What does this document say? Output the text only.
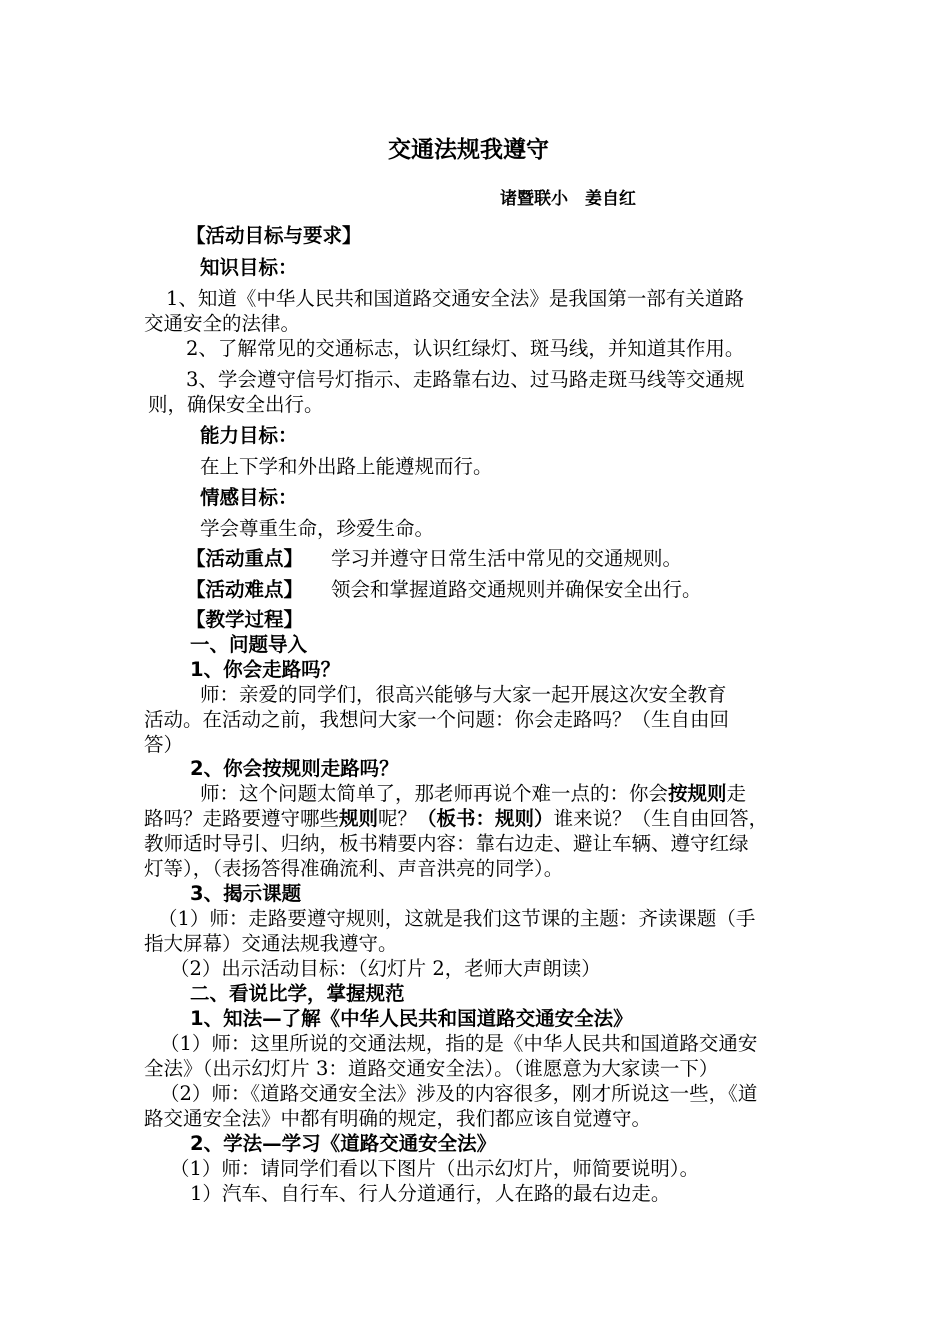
交通法规我遵守
诸暨联小　姜自红
【活动目标与要求】
知识目标：
1、知道《中华人民共和国道路交通安全法》是我国第一部有关道路
交通安全的法律。
2、了解常见的交通标志，认识红绿灯、斑马线，并知道其作用。
3、学会遵守信号灯指示、走路靠右边、过马路走斑马线等交通规
则，确保安全出行。
能力目标：
在上下学和外出路上能遵规而行。
情感目标：
学会尊重生命，珍爱生命。
【活动重点】 学习并遵守日常生活中常见的交通规则。
【活动难点】 领会和掌握道路交通规则并确保安全出行。
【教学过程】
一、问题导入
1、你会走路吗？
师：亲爱的同学们，很高兴能够与大家一起开展这次安全教育
活动。在活动之前，我想问大家一个问题：你会走路吗？（生自由回
答）
2、你会按规则走路吗？
师：这个问题太简单了，那老师再说个难一点的：你会按规则走
路吗？走路要遵守哪些规则呢？（板书：规则）谁来说？（生自由回答，
教师适时导引、归纳，板书精要内容：靠右边走、避让车辆、遵守红绿
灯等），（表扬答得准确流利、声音洪亮的同学）。
3、揭示课题
（1）师：走路要遵守规则，这就是我们这节课的主题：齐读课题（手
指大屏幕）交通法规我遵守。
（2）出示活动目标：（幻灯片 2，老师大声朗读）
二、看说比学，掌握规范
1、知法—了解《中华人民共和国道路交通安全法》
（1）师：这里所说的交通法规，指的是《中华人民共和国道路交通安
全法》（出示幻灯片 3：道路交通安全法）。（谁愿意为大家读一下）
（2）师：《道路交通安全法》涉及的内容很多，刚才所说这一些，《道
路交通安全法》中都有明确的规定，我们都应该自觉遵守。
2、学法—学习《道路交通安全法》
（1）师：请同学们看以下图片（出示幻灯片，师简要说明）。
1）汽车、自行车、行人分道通行，人在路的最右边走。
